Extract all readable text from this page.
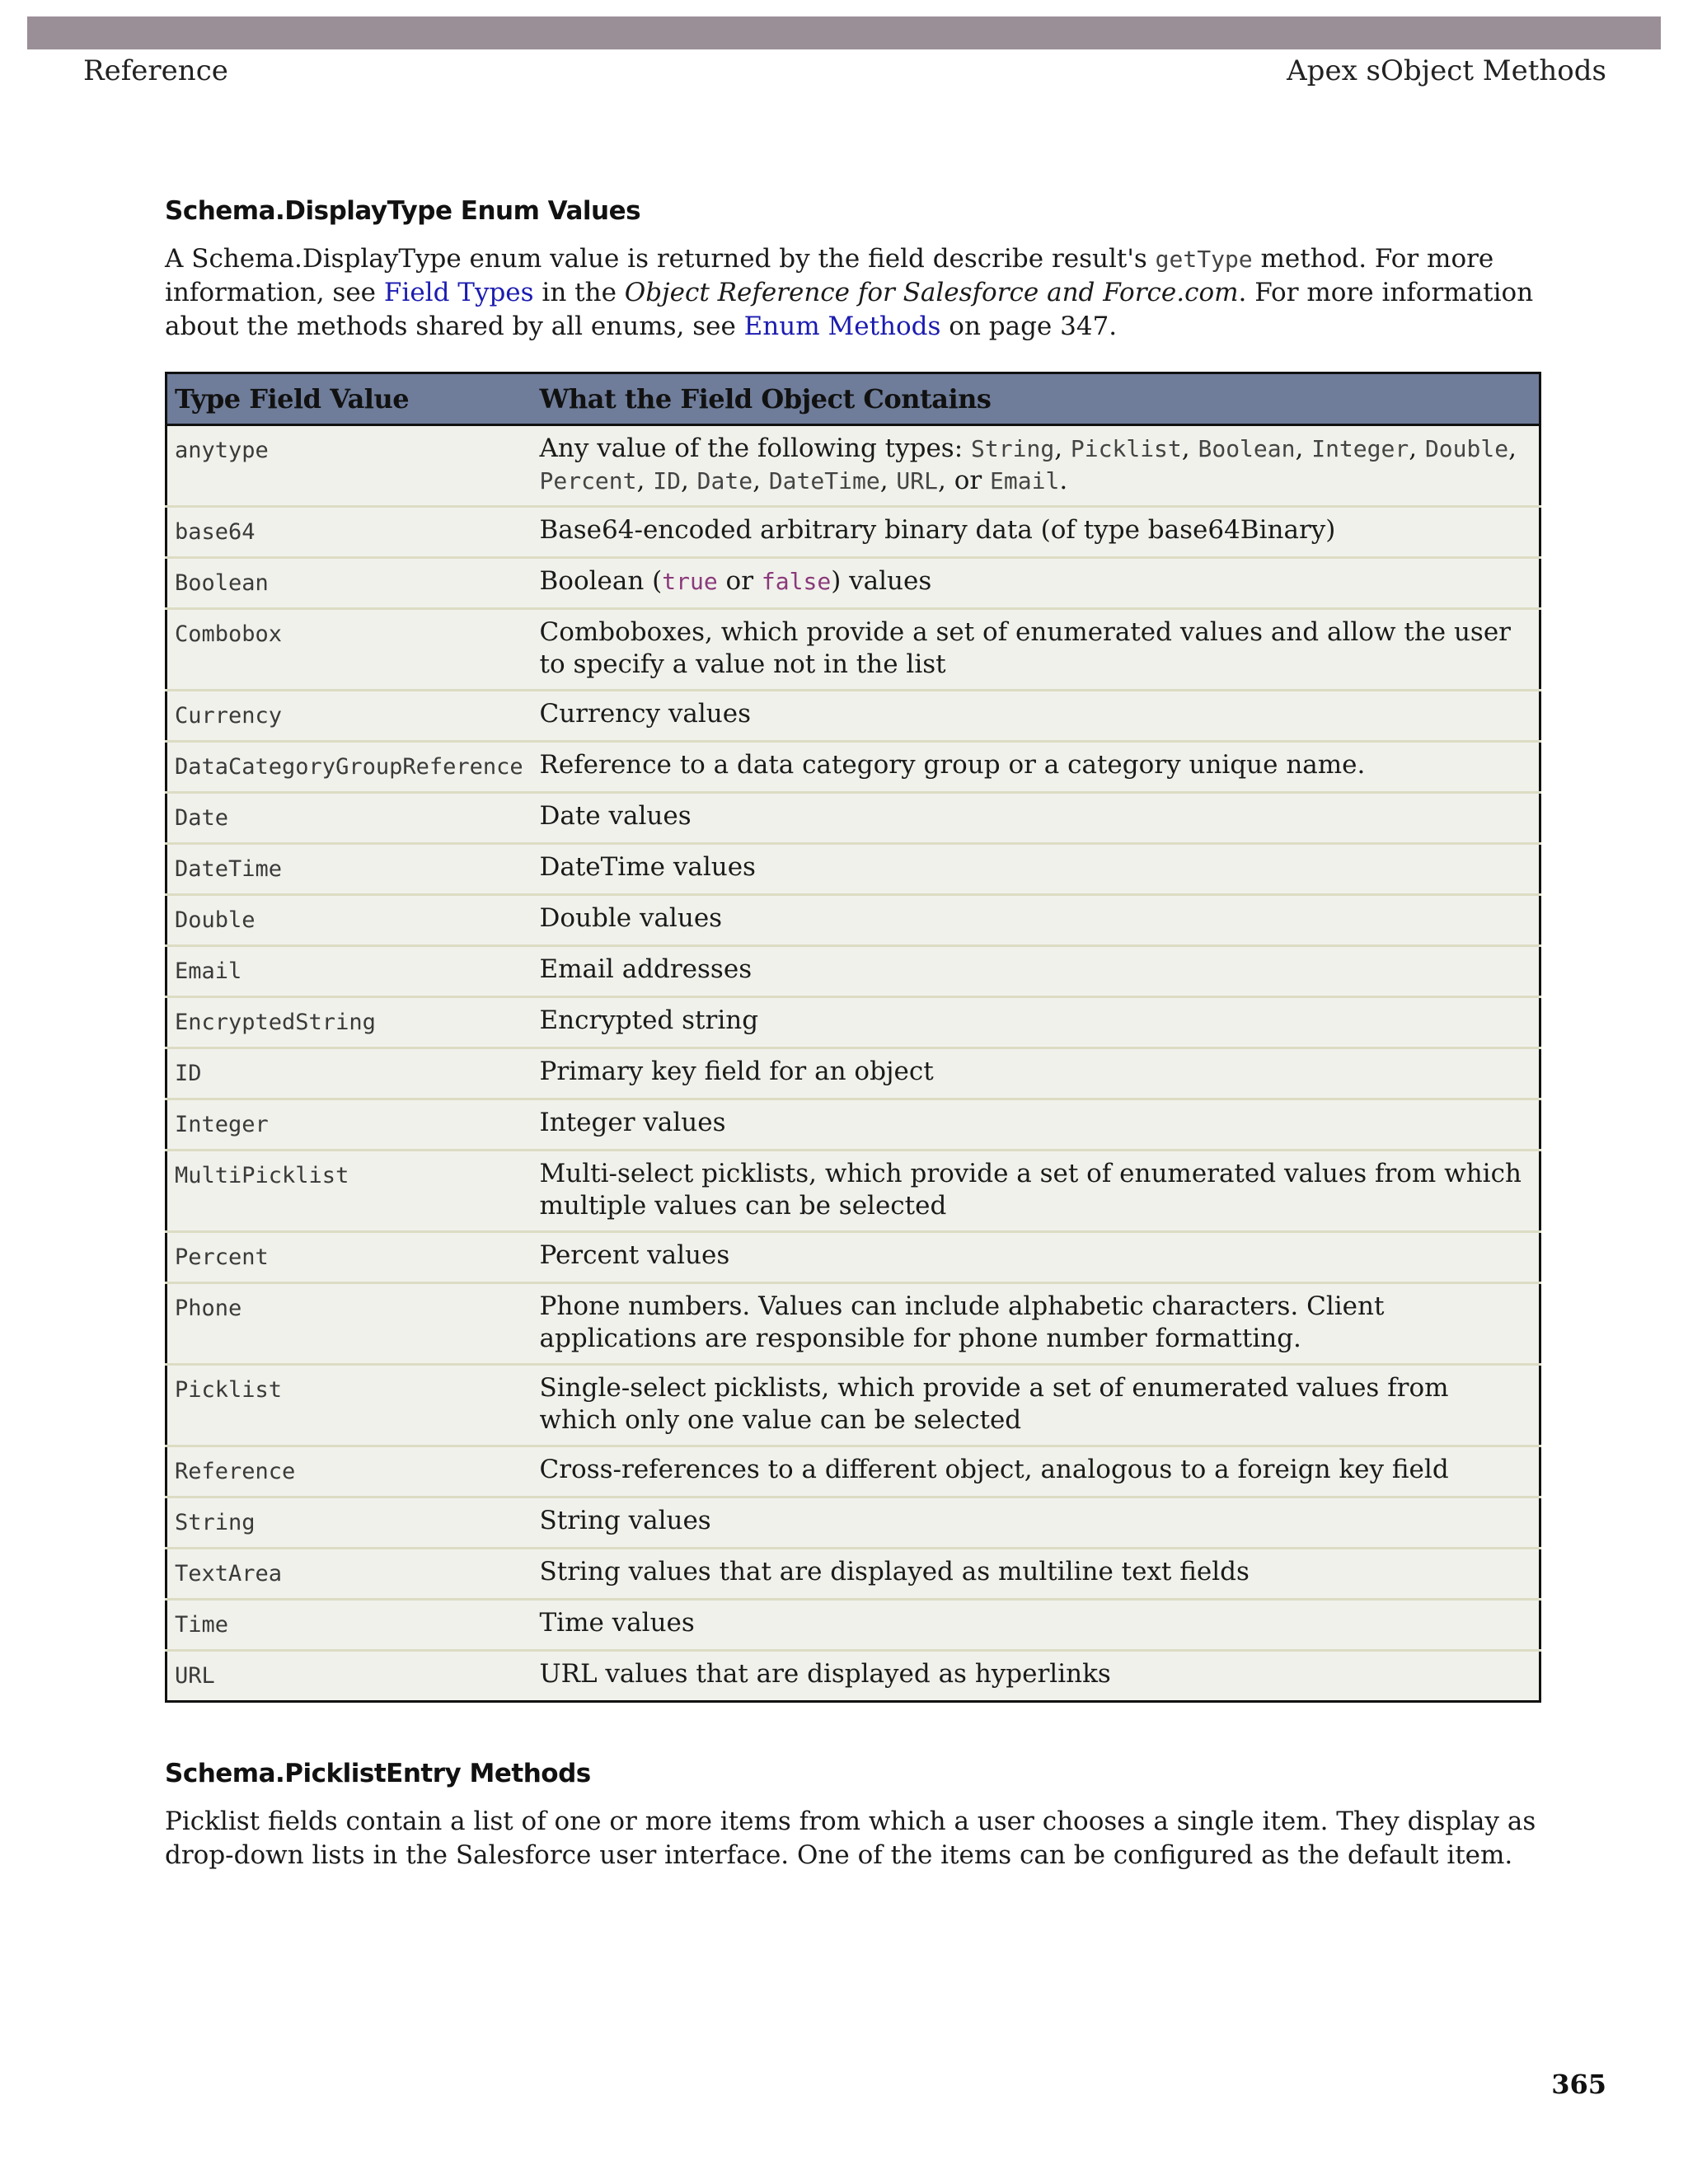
Reference	Apex sObject Methods
Schema.DisplayType Enum Values

A Schema.DisplayType enum value is returned by the field describe result's getType method. For more information, see Field Types in the Object Reference for Salesforce and Force.com. For more information about the methods shared by all enums, see Enum Methods on page 347.

Type Field Value	What the Field Object Contains
anytype	Any value of the following types: String, Picklist, Boolean, Integer, Double, Percent, ID, Date, DateTime, URL, or Email.
base64	Base64-encoded arbitrary binary data (of type base64Binary)
Boolean	Boolean (true or false) values
Combobox	Comboboxes, which provide a set of enumerated values and allow the user to specify a value not in the list
Currency	Currency values
DataCategoryGroupReference	Reference to a data category group or a category unique name.
Date	Date values
DateTime	DateTime values
Double	Double values
Email	Email addresses
EncryptedString	Encrypted string
ID	Primary key field for an object
Integer	Integer values
MultiPicklist	Multi-select picklists, which provide a set of enumerated values from which multiple values can be selected
Percent	Percent values
Phone	Phone numbers. Values can include alphabetic characters. Client applications are responsible for phone number formatting.
Picklist	Single-select picklists, which provide a set of enumerated values from which only one value can be selected
Reference	Cross-references to a different object, analogous to a foreign key field
String	String values
TextArea	String values that are displayed as multiline text fields
Time	Time values
URL	URL values that are displayed as hyperlinks
Schema.PicklistEntry Methods

Picklist fields contain a list of one or more items from which a user chooses a single item. They display as drop-down lists in the Salesforce user interface. One of the items can be configured as the default item.

365
